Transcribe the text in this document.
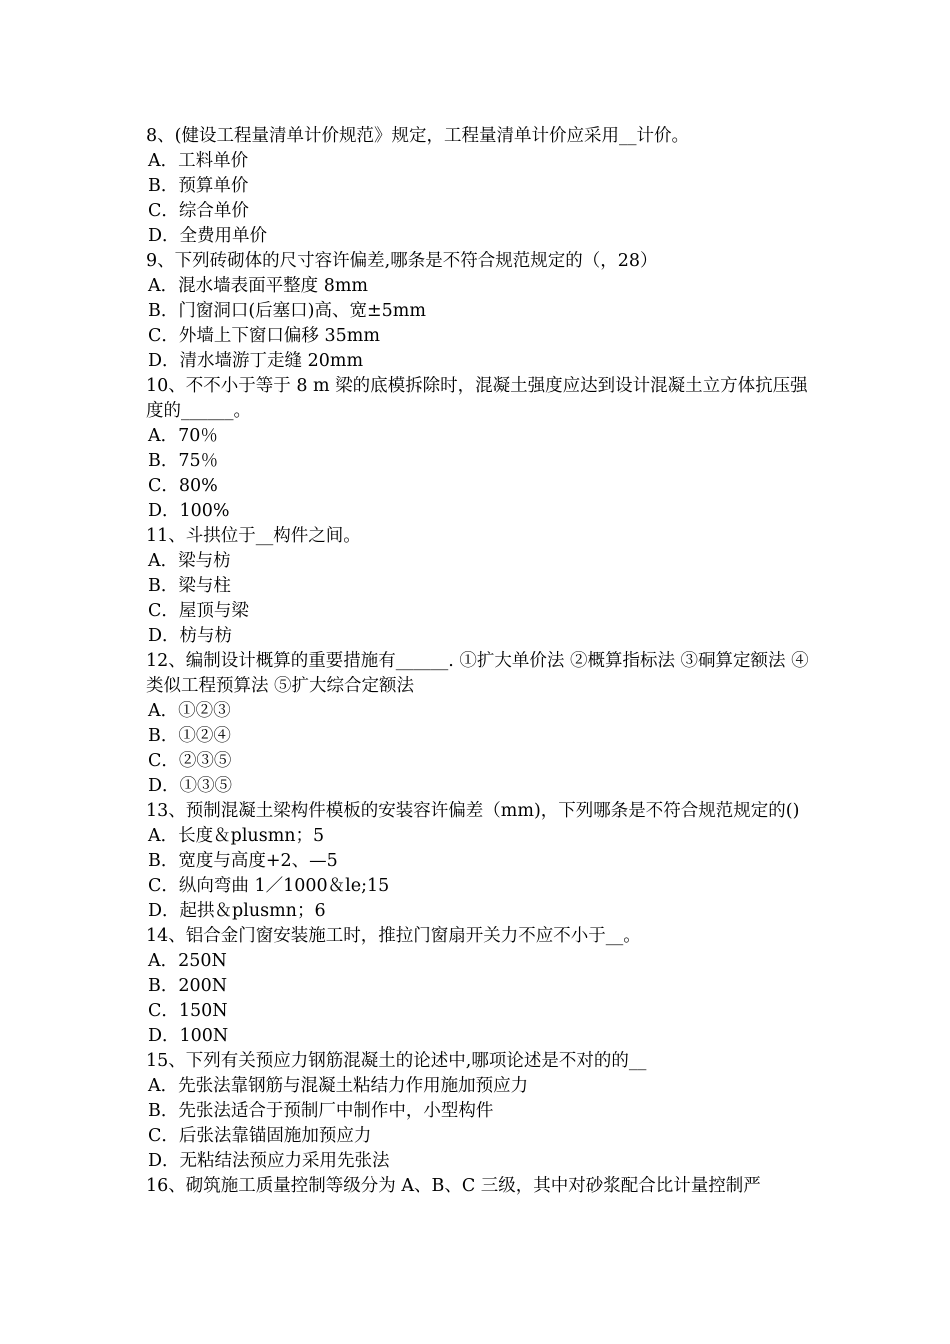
8、(健设工程量清单计价规范》规定，工程量清单计价应采用__计价。

A．工料单价

B．预算单价

C．综合单价

D．全费用单价

9、下列砖砌体的尺寸容许偏差,哪条是不符合规范规定的（，28）

A．混水墙表面平整度 8mm

B．门窗洞口(后塞口)高、宽±5mm

C．外墙上下窗口偏移 35mm

D．清水墙游丁走缝 20mm

10、不不小于等于 8 m 梁的底模拆除时，混凝土强度应达到设计混凝土立方体抗压强度的______。

A．70％

B．75％

C．80%

D．100%

11、斗拱位于__构件之间。

A．梁与枋

B．梁与柱

C．屋顶与梁

D．枋与枋

12、编制设计概算的重要措施有______. ①扩大单价法 ②概算指标法 ③硐算定额法 ④类似工程预算法 ⑤扩大综合定额法

A．①②③

B．①②④

C．②③⑤

D．①③⑤

13、预制混凝土梁构件模板的安装容许偏差（mm)，下列哪条是不符合规范规定的()

A．长度＆plusmn；5

B．宽度与高度+2、—5

C．纵向弯曲 1／1000＆le;15

D．起拱＆plusmn；6

14、铝合金门窗安装施工时，推拉门窗扇开关力不应不小于__。

A．250N

B．200N

C．150N

D．100N

15、下列有关预应力钢筋混凝土的论述中,哪项论述是不对的的__

A．先张法靠钢筋与混凝土粘结力作用施加预应力

B．先张法适合于预制厂中制作中，小型构件

C．后张法靠锚固施加预应力

D．无粘结法预应力采用先张法

16、砌筑施工质量控制等级分为 A、B、C 三级，其中对砂浆配合比计量控制严
